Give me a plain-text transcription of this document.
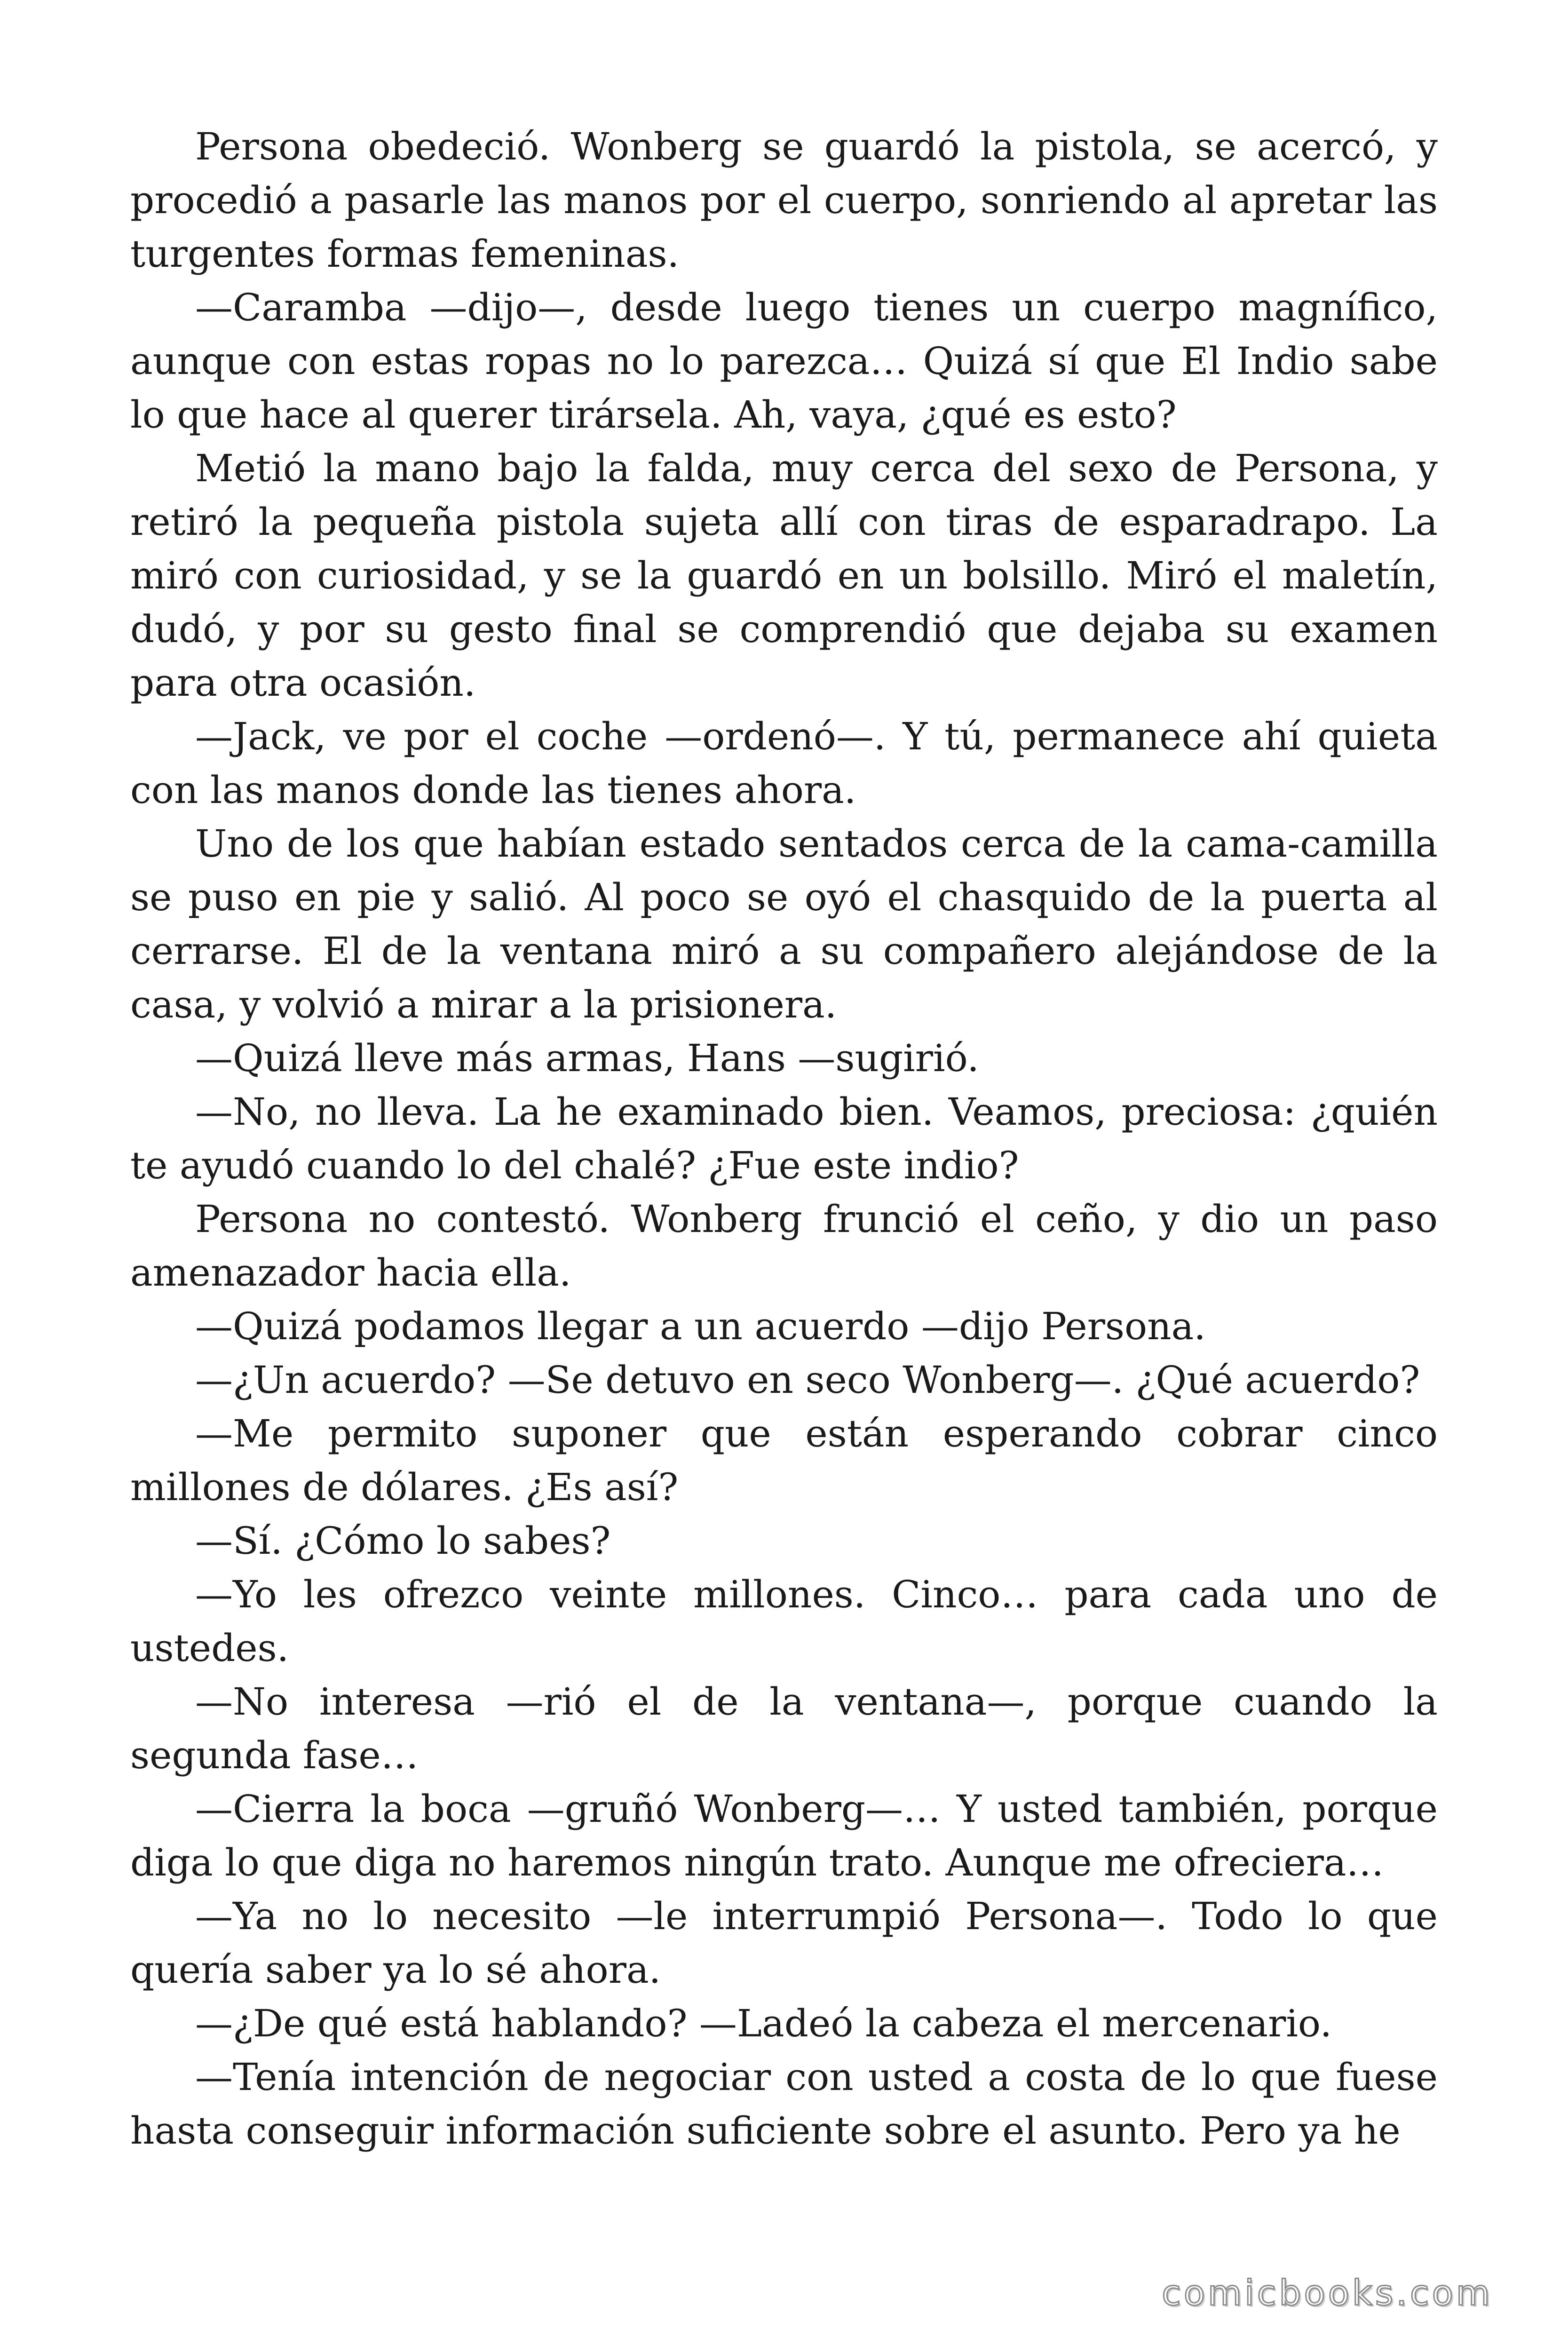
Persona obedeció. Wonberg se guardó la pistola, se acercó, y procedió a pasarle las manos por el cuerpo, sonriendo al apretar las turgentes formas femeninas.

—Caramba —dijo—, desde luego tienes un cuerpo magnífico, aunque con estas ropas no lo parezca… Quizá sí que El Indio sabe lo que hace al querer tirársela. Ah, vaya, ¿qué es esto?

Metió la mano bajo la falda, muy cerca del sexo de Persona, y retiró la pequeña pistola sujeta allí con tiras de esparadrapo. La miró con curiosidad, y se la guardó en un bolsillo. Miró el maletín, dudó, y por su gesto final se comprendió que dejaba su examen para otra ocasión.

—Jack, ve por el coche —ordenó—. Y tú, permanece ahí quieta con las manos donde las tienes ahora.

Uno de los que habían estado sentados cerca de la cama-camilla se puso en pie y salió. Al poco se oyó el chasquido de la puerta al cerrarse. El de la ventana miró a su compañero alejándose de la casa, y volvió a mirar a la prisionera.

—Quizá lleve más armas, Hans —sugirió.

—No, no lleva. La he examinado bien. Veamos, preciosa: ¿quién te ayudó cuando lo del chalé? ¿Fue este indio?

Persona no contestó. Wonberg frunció el ceño, y dio un paso amenazador hacia ella.

—Quizá podamos llegar a un acuerdo —dijo Persona.

—¿Un acuerdo? —Se detuvo en seco Wonberg—. ¿Qué acuerdo?

—Me permito suponer que están esperando cobrar cinco millones de dólares. ¿Es así?

—Sí. ¿Cómo lo sabes?

—Yo les ofrezco veinte millones. Cinco… para cada uno de ustedes.

—No interesa —rió el de la ventana—, porque cuando la segunda fase…

—Cierra la boca —gruñó Wonberg—… Y usted también, porque diga lo que diga no haremos ningún trato. Aunque me ofreciera…

—Ya no lo necesito —le interrumpió Persona—. Todo lo que quería saber ya lo sé ahora.

—¿De qué está hablando? —Ladeó la cabeza el mercenario.

—Tenía intención de negociar con usted a costa de lo que fuese hasta conseguir información suficiente sobre el asunto. Pero ya he

comicbooks.com
